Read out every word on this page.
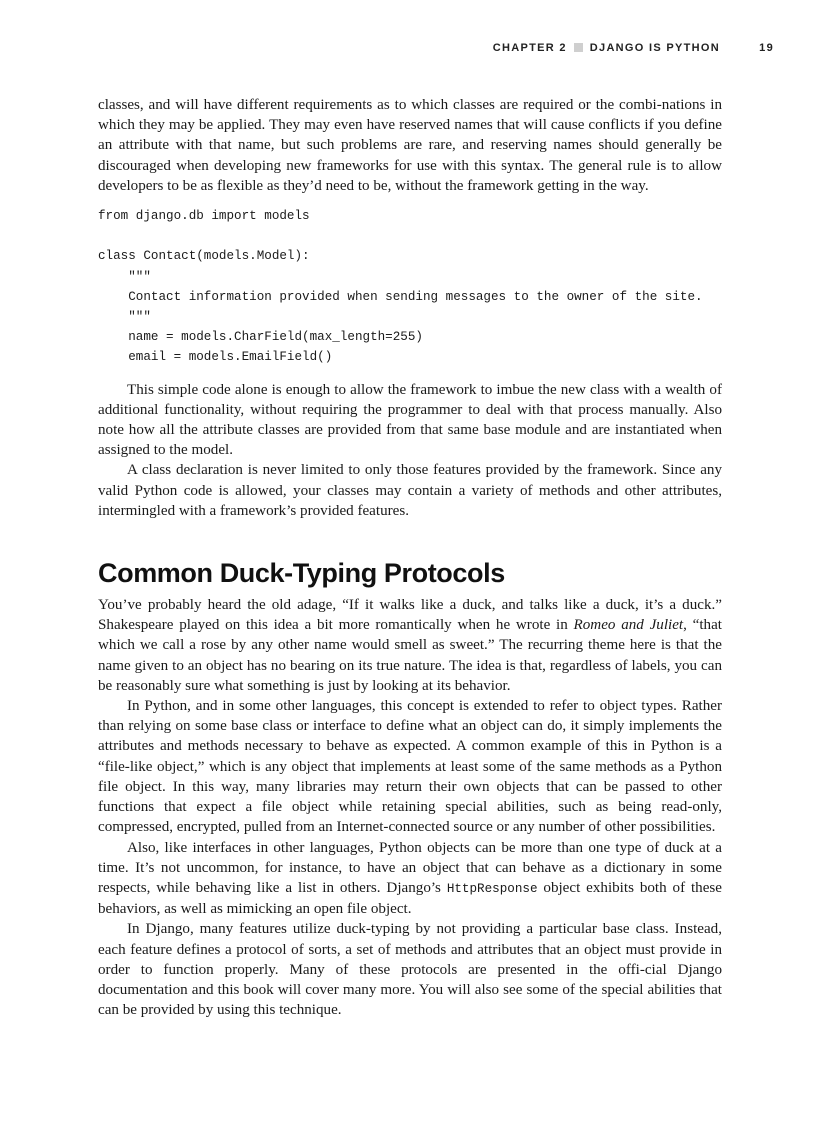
CHAPTER 2 DJANGO IS PYTHON	19

classes, and will have different requirements as to which classes are required or the combi-nations in which they may be applied. They may even have reserved names that will cause conflicts if you define an attribute with that name, but such problems are rare, and reserving names should generally be discouraged when developing new frameworks for use with this syntax. The general rule is to allow developers to be as flexible as they’d need to be, without the framework getting in the way.

from django.db import models

class Contact(models.Model):
"""
Contact information provided when sending messages to the owner of the site.
"""
name = models.CharField(max_length=255)
email = models.EmailField()

This simple code alone is enough to allow the framework to imbue the new class with a wealth of additional functionality, without requiring the programmer to deal with that process manually. Also note how all the attribute classes are provided from that same base module and are instantiated when assigned to the model.

A class declaration is never limited to only those features provided by the framework. Since any valid Python code is allowed, your classes may contain a variety of methods and other attributes, intermingled with a framework’s provided features.

Common Duck-Typing Protocols

You’ve probably heard the old adage, “If it walks like a duck, and talks like a duck, it’s a duck.” Shakespeare played on this idea a bit more romantically when he wrote in Romeo and Juliet, “that which we call a rose by any other name would smell as sweet.” The recurring theme here is that the name given to an object has no bearing on its true nature. The idea is that, regardless of labels, you can be reasonably sure what something is just by looking at its behavior.

In Python, and in some other languages, this concept is extended to refer to object types. Rather than relying on some base class or interface to define what an object can do, it simply implements the attributes and methods necessary to behave as expected. A common example of this in Python is a “file-like object,” which is any object that implements at least some of the same methods as a Python file object. In this way, many libraries may return their own objects that can be passed to other functions that expect a file object while retaining special abilities, such as being read-only, compressed, encrypted, pulled from an Internet-connected source or any number of other possibilities.

Also, like interfaces in other languages, Python objects can be more than one type of duck at a time. It’s not uncommon, for instance, to have an object that can behave as a dictionary in some respects, while behaving like a list in others. Django’s HttpResponse object exhibits both of these behaviors, as well as mimicking an open file object.

In Django, many features utilize duck-typing by not providing a particular base class. Instead, each feature defines a protocol of sorts, a set of methods and attributes that an object must provide in order to function properly. Many of these protocols are presented in the offi-cial Django documentation and this book will cover many more. You will also see some of the special abilities that can be provided by using this technique.
